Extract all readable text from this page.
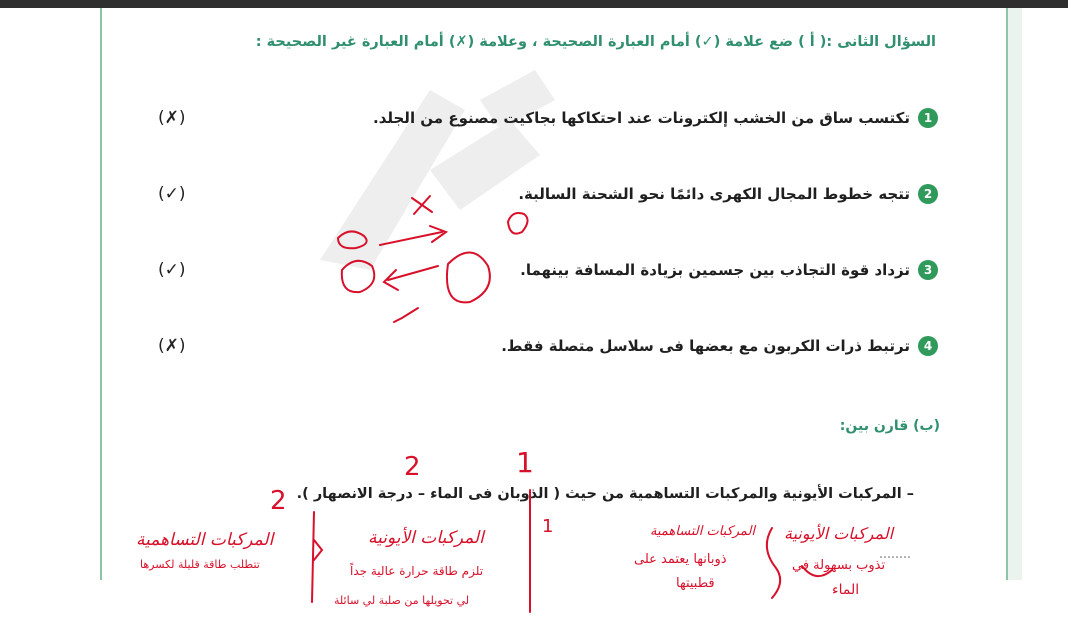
السؤال الثانى :( أ ) ضع علامة (✓) أمام العبارة الصحيحة ، وعلامة (✗) أمام العبارة غير الصحيحة :
1
تكتسب ساق من الخشب إلكترونات عند احتكاكها بجاكيت مصنوع من الجلد.
2
تتجه خطوط المجال الكهرى دائمًا نحو الشحنة السالبة.
3
تزداد قوة التجاذب بين جسمين بزيادة المسافة بينهما.
4
ترتبط ذرات الكربون مع بعضها فى سلاسل متصلة فقط.
(✗)
(✓)
(✓)
(✗)
(ب) قارن بين:
– المركبات الأيونية والمركبات التساهمية من حيث ( الذوبان فى الماء – درجة الانصهار ).
2	1
2
1
المركبات التساهمية
تتطلب طاقة قليلة لكسرها
المركبات الأيونية
تلزم طاقة حرارة عالية جداً
لي تحويلها من صلبة لي سائلة
المركبات التساهمية
ذوبانها يعتمد على
قطبيتها
المركبات الأيونية
تذوب بسهولة في
الماء
